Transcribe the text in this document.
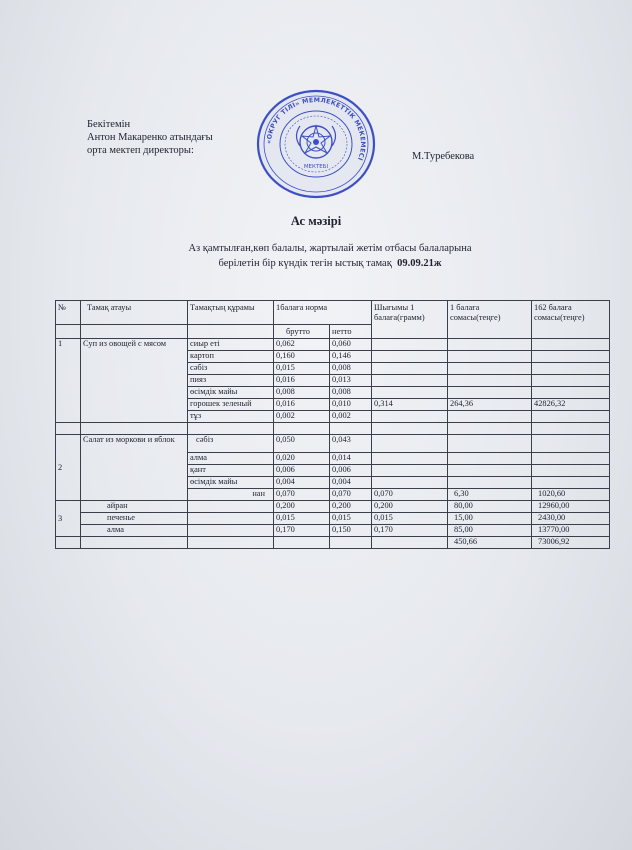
Бекітемін
Антон Макаренко атындағы
орта мектеп директоры:
М.Туребекова
«ОКРУГ ТІЛІ» МЕМЛЕКЕТТІК МЕКЕМЕСІ
МЕКТЕБІ
Ас мәзірі
Аз қамтылған,көп балалы, жартылай жетім отбасы балаларына
берілетін бір күндік тегін ыстық тамақ 09.09.21ж
№	Тамақ атауы	Тамақтың құрамы	1балаға норма		Шығымы 1 балаға(грамм)	1 балаға сомасы(теңге)	162 балаға сомасы(теңге)
			брутто	нетто			
1	Суп из овощей с мясом	сиыр еті	0,062	0,060			
		картоп	0,160	0,146			
		сәбіз	0,015	0,008			
		пияз	0,016	0,013			
		өсімдік майы	0,008	0,008			
		горошек зеленый	0,016	0,010	0,314	264,36	42826,32
		тұз	0,002	0,002			

2	Салат из моркови и яблок	сәбіз	0,050	0,043			
		алма	0,020	0,014			
		қант	0,006	0,006			
		өсімдік майы	0,004	0,004			
		нан	0,070	0,070	0,070	6,30	1020,60
3	айран		0,200	0,200	0,200	80,00	12960,00
	печенье		0,015	0,015	0,015	15,00	2430,00
	алма		0,170	0,150	0,170	85,00	13770,00
						450,66	73006,92
